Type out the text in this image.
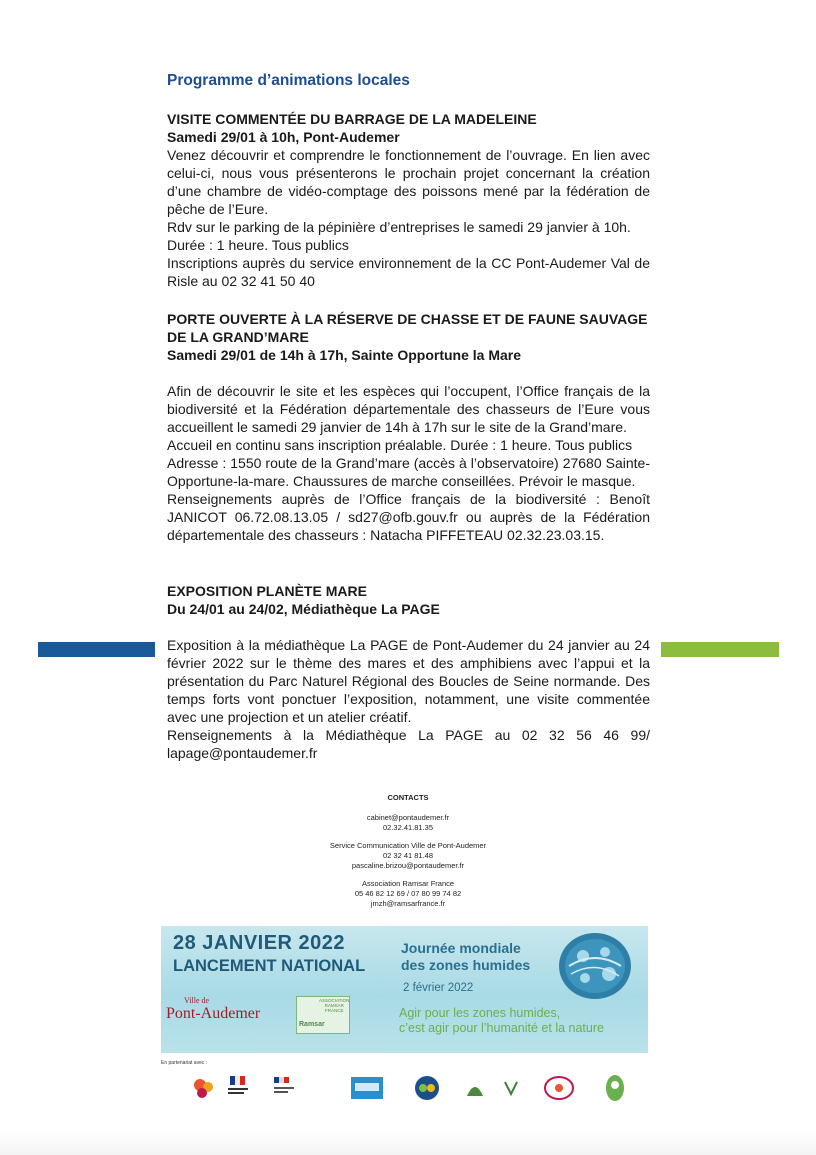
Programme d’animations locales
VISITE COMMENTÉE DU BARRAGE DE LA MADELEINE
Samedi 29/01 à 10h, Pont-Audemer

Venez découvrir et comprendre le fonctionnement de l’ouvrage. En lien avec celui-ci, nous vous présenterons le prochain projet concernant la création d’une chambre de vidéo-comptage des poissons mené par la fédération de pêche de l’Eure.

Rdv sur le parking de la pépinière d’entreprises le samedi 29 janvier à 10h.

Durée : 1 heure. Tous publics

Inscriptions auprès du service environnement de la CC Pont-Audemer Val de Risle au 02 32 41 50 40

PORTE OUVERTE À LA RÉSERVE DE CHASSE ET DE FAUNE SAUVAGE DE LA GRAND’MARE
Samedi 29/01 de 14h à 17h, Sainte Opportune la Mare

Afin de découvrir le site et les espèces qui l’occupent, l’Office français de la biodiversité et la Fédération départementale des chasseurs de l’Eure vous accueillent le samedi 29 janvier de 14h à 17h sur le site de la Grand’mare.

Accueil en continu sans inscription préalable. Durée : 1 heure. Tous publics

Adresse : 1550 route de la Grand’mare (accès à l’observatoire) 27680 Sainte-Opportune-la-mare. Chaussures de marche conseillées. Prévoir le masque.

Renseignements auprès de l’Office français de la biodiversité : Benoît JANICOT 06.72.08.13.05 / sd27@ofb.gouv.fr ou auprès de la Fédération départementale des chasseurs : Natacha PIFFETEAU 02.32.23.03.15.

EXPOSITION PLANÈTE MARE
Du 24/01 au 24/02, Médiathèque La PAGE

Exposition à la médiathèque La PAGE de Pont-Audemer du 24 janvier au 24 février 2022 sur le thème des mares et des amphibiens avec l’appui et la présentation du Parc Naturel Régional des Boucles de Seine normande. Des temps forts vont ponctuer l’exposition, notamment, une visite commentée avec une projection et un atelier créatif.

Renseignements à la Médiathèque La PAGE au 02 32 56 46 99/ lapage@pontaudemer.fr

CONTACTS
cabinet@pontaudemer.fr
02.32.41.81.35
Service Communication Ville de Pont-Audemer
02 32 41 81.48
pascaline.brizou@pontaudemer.fr
Association Ramsar France
05 46 82 12 69 / 07 80 99 74 82
jmzh@ramsarfrance.fr
28 JANVIER 2022
LANCEMENT NATIONAL
Journée mondiale
des zones humides
2 février 2022
Agir pour les zones humides,
c’est agir pour l’humanité et la nature
Ville de
Pont-Audemer
ASSOCIATION RAMSAR FRANCE
Ramsar
En partenariat avec :
